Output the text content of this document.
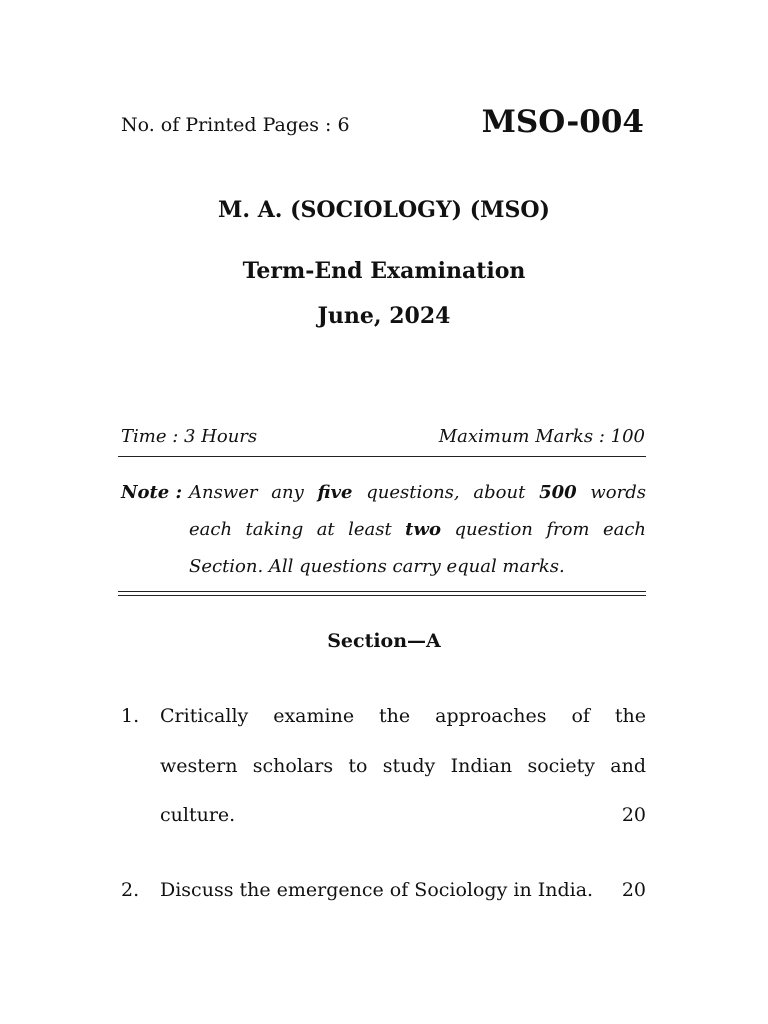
No. of Printed Pages : 6	MSO-004
M. A. (SOCIOLOGY) (MSO)
Term-End Examination
June, 2024
Time : 3 Hours	Maximum Marks : 100
Note : Answer any five questions, about 500 words
each taking at least two question from each
Section. All questions carry equal marks.
Section—A
1. Critically examine the approaches of the
western scholars to study Indian society and
culture.	20
2. Discuss the emergence of Sociology in India.	20
